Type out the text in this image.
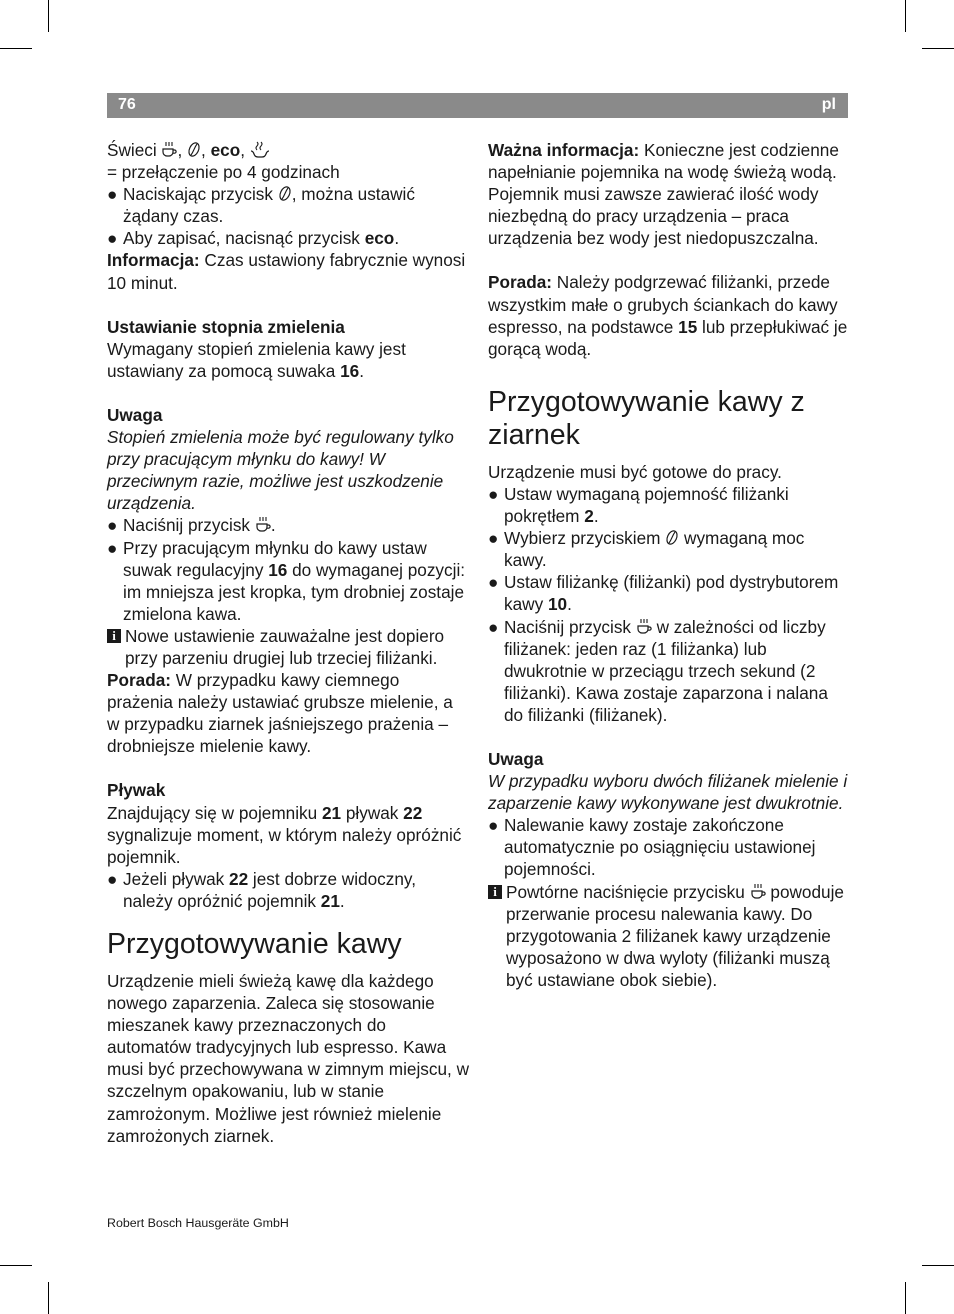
76	pl

Świeci , , eco,

= przełączenie po 4 godzinach

● Naciskając przycisk , można ustawić żądany czas.

● Aby zapisać, nacisnąć przycisk eco.

Informacja: Czas ustawiony fabrycznie wynosi 10 minut.

Ustawianie stopnia zmielenia

Wymagany stopień zmielenia kawy jest ustawiany za pomocą suwaka 16.

Uwaga

Stopień zmielenia może być regulowany tylko przy pracującym młynku do kawy! W przeciwnym razie, możliwe jest uszkodzenie urządzenia.

● Naciśnij przycisk .

● Przy pracującym młynku do kawy ustaw suwak regulacyjny 16 do wymaganej pozycji: im mniejsza jest kropka, tym drobniej zostaje zmielona kawa.

i Nowe ustawienie zauważalne jest dopiero przy parzeniu drugiej lub trzeciej filiżanki.

Porada: W przypadku kawy ciemnego prażenia należy ustawiać grubsze mielenie, a w przypadku ziarnek jaśniejszego prażenia – drobniejsze mielenie kawy.

Pływak

Znajdujący się w pojemniku 21 pływak 22 sygnalizuje moment, w którym należy opróżnić pojemnik.

● Jeżeli pływak 22 jest dobrze widoczny, należy opróżnić pojemnik 21.

Przygotowywanie kawy

Urządzenie mieli świeżą kawę dla każdego nowego zaparzenia. Zaleca się stosowanie mieszanek kawy przeznaczonych do automatów tradycyjnych lub espresso. Kawa musi być przechowywana w zimnym miejscu, w szczelnym opakowaniu, lub w stanie zamrożonym. Możliwe jest również mielenie zamrożonych ziarnek.

Ważna informacja: Konieczne jest codzienne napełnianie pojemnika na wodę świeżą wodą. Pojemnik musi zawsze zawierać ilość wody niezbędną do pracy urządzenia – praca urządzenia bez wody jest niedopuszczalna.

Porada: Należy podgrzewać filiżanki, przede wszystkim małe o grubych ściankach do kawy espresso, na podstawce 15 lub przepłukiwać je gorącą wodą.

Przygotowywanie kawy z ziarnek

Urządzenie musi być gotowe do pracy.

● Ustaw wymaganą pojemność filiżanki pokrętłem 2.

● Wybierz przyciskiem  wymaganą moc kawy.

● Ustaw filiżankę (filiżanki) pod dystrybutorem kawy 10.

● Naciśnij przycisk  w zależności od liczby filiżanek: jeden raz (1 filiżanka) lub dwukrotnie w przeciągu trzech sekund (2 filiżanki). Kawa zostaje zaparzona i nalana do filiżanki (filiżanek).

Uwaga

W przypadku wyboru dwóch filiżanek mielenie i zaparzenie kawy wykonywane jest dwukrotnie.

● Nalewanie kawy zostaje zakończone automatycznie po osiągnięciu ustawionej pojemności.

i Powtórne naciśnięcie przycisku  powoduje przerwanie procesu nalewania kawy. Do przygotowania 2 filiżanek kawy urządzenie wyposażono w dwa wyloty (filiżanki muszą być ustawiane obok siebie).

Robert Bosch Hausgeräte GmbH
